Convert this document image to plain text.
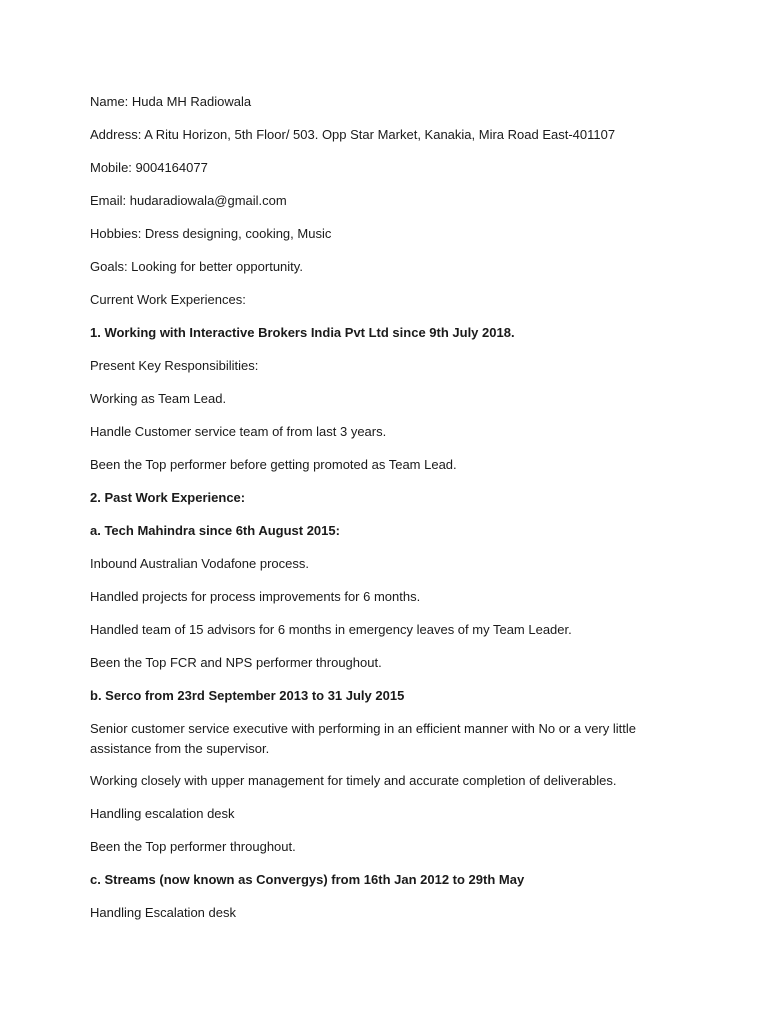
Name: Huda MH Radiowala

Address: A Ritu Horizon, 5th Floor/ 503. Opp Star Market, Kanakia, Mira Road East-401107

Mobile: 9004164077

Email: hudaradiowala@gmail.com

Hobbies: Dress designing, cooking, Music

Goals: Looking for better opportunity.

Current Work Experiences:

1. Working with Interactive Brokers India Pvt Ltd since 9th July 2018.

Present Key Responsibilities:

Working as Team Lead.

Handle Customer service team of from last 3 years.

Been the Top performer before getting promoted as Team Lead.

2. Past Work Experience:

a. Tech Mahindra since 6th August 2015:

Inbound Australian Vodafone process.

Handled projects for process improvements for 6 months.

Handled team of 15 advisors for 6 months in emergency leaves of my Team Leader.

Been the Top FCR and NPS performer throughout.

b. Serco from 23rd September 2013 to 31 July 2015

Senior customer service executive with performing in an efficient manner with No or a very little assistance from the supervisor.

Working closely with upper management for timely and accurate completion of deliverables.

Handling escalation desk

Been the Top performer throughout.

c. Streams (now known as Convergys) from 16th Jan 2012 to 29th May

Handling Escalation desk
